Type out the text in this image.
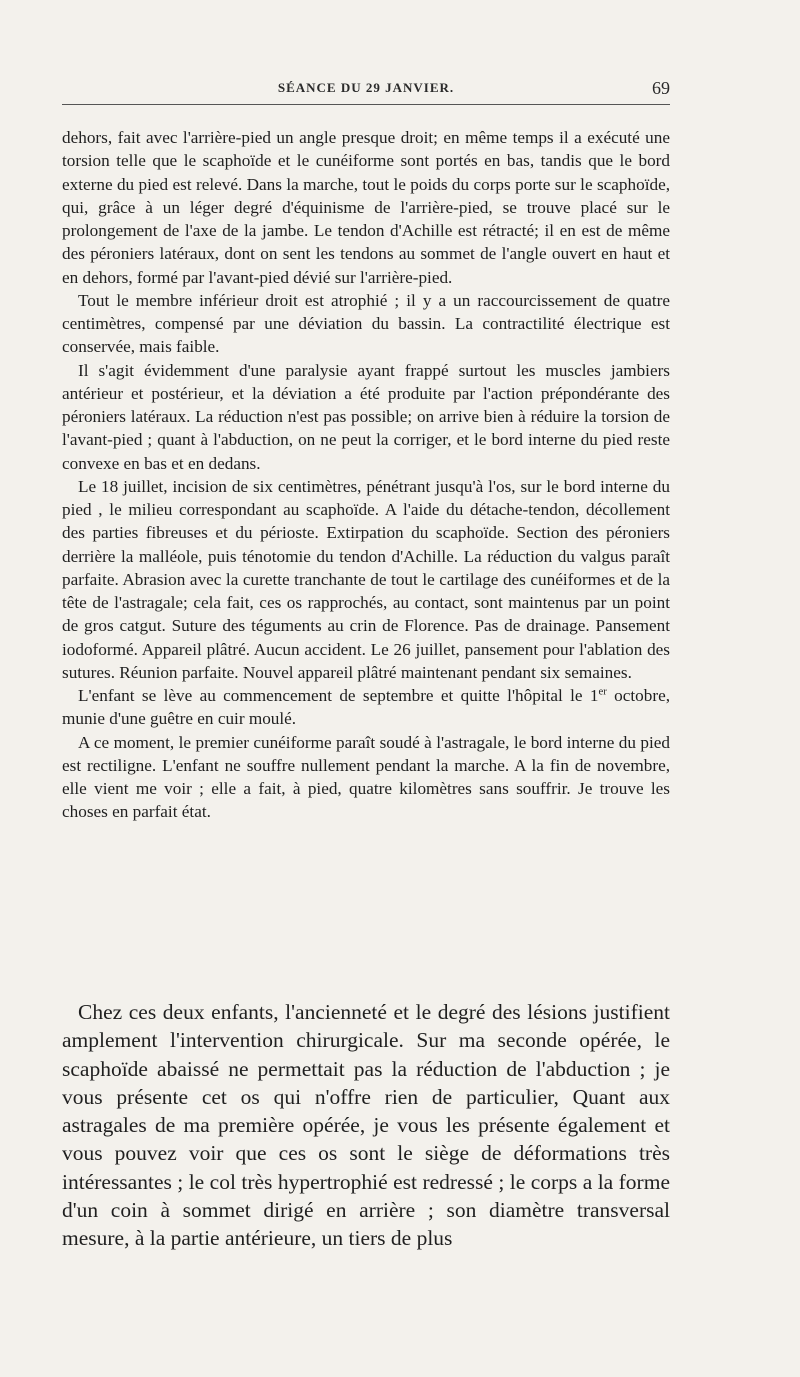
SÉANCE DU 29 JANVIER.	69

dehors, fait avec l'arrière-pied un angle presque droit; en même temps il a exécuté une torsion telle que le scaphoïde et le cunéiforme sont portés en bas, tandis que le bord externe du pied est relevé. Dans la marche, tout le poids du corps porte sur le scaphoïde, qui, grâce à un léger degré d'équinisme de l'arrière-pied, se trouve placé sur le prolongement de l'axe de la jambe. Le tendon d'Achille est rétracté; il en est de même des péroniers latéraux, dont on sent les tendons au sommet de l'angle ouvert en haut et en dehors, formé par l'avant-pied dévié sur l'arrière-pied.

Tout le membre inférieur droit est atrophié ; il y a un raccourcissement de quatre centimètres, compensé par une déviation du bassin. La contractilité électrique est conservée, mais faible.

Il s'agit évidemment d'une paralysie ayant frappé surtout les muscles jambiers antérieur et postérieur, et la déviation a été produite par l'action prépondérante des péroniers latéraux. La réduction n'est pas possible; on arrive bien à réduire la torsion de l'avant-pied ; quant à l'abduction, on ne peut la corriger, et le bord interne du pied reste convexe en bas et en dedans.

Le 18 juillet, incision de six centimètres, pénétrant jusqu'à l'os, sur le bord interne du pied , le milieu correspondant au scaphoïde. A l'aide du détache-tendon, décollement des parties fibreuses et du périoste. Extirpation du scaphoïde. Section des péroniers derrière la malléole, puis ténotomie du tendon d'Achille. La réduction du valgus paraît parfaite. Abrasion avec la curette tranchante de tout le cartilage des cunéiformes et de la tête de l'astragale; cela fait, ces os rapprochés, au contact, sont maintenus par un point de gros catgut. Suture des téguments au crin de Florence. Pas de drainage. Pansement iodoformé. Appareil plâtré. Aucun accident. Le 26 juillet, pansement pour l'ablation des sutures. Réunion parfaite. Nouvel appareil plâtré maintenant pendant six semaines.

L'enfant se lève au commencement de septembre et quitte l'hôpital le 1er octobre, munie d'une guêtre en cuir moulé.

A ce moment, le premier cunéiforme paraît soudé à l'astragale, le bord interne du pied est rectiligne. L'enfant ne souffre nullement pendant la marche. A la fin de novembre, elle vient me voir ; elle a fait, à pied, quatre kilomètres sans souffrir. Je trouve les choses en parfait état.

Chez ces deux enfants, l'ancienneté et le degré des lésions justifient amplement l'intervention chirurgicale. Sur ma seconde opérée, le scaphoïde abaissé ne permettait pas la réduction de l'abduction ; je vous présente cet os qui n'offre rien de particulier, Quant aux astragales de ma première opérée, je vous les présente également et vous pouvez voir que ces os sont le siège de déformations très intéressantes ; le col très hypertrophié est redressé ; le corps a la forme d'un coin à sommet dirigé en arrière ; son diamètre transversal mesure, à la partie antérieure, un tiers de plus
